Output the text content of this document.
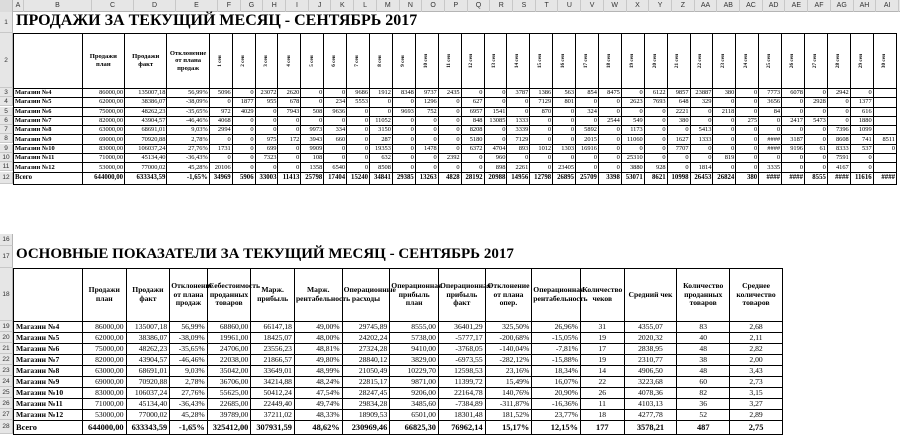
A	B	C	D	E	F	G	H	I	J	K	L	M	N	O	P	Q	R	S	T	U	V	W	X	Y	Z	AA	AB	AC	AD	AE	AF	AG	AH	AI
1
2
3
4
5
6
7
8
9
10
11
12
16
17
18
19
20
21
22
23
24
25
26
27
28
ПРОДАЖИ ЗА ТЕКУЩИЙ МЕСЯЦ - СЕНТЯБРЬ 2017
	Продажи план	Продажи факт	Отклонение от плана продаж	1 сен	2 сен	3 сен	4 сен	5 сен	6 сен	7 сен	8 сен	9 сен	10 сен	11 сен	12 сен	13 сен	14 сен	15 сен	16 сен	17 сен	18 сен	19 сен	20 сен	21 сен	22 сен	23 сен	24 сен	25 сен	26 сен	27 сен	28 сен	29 сен	30 сен
Магазин №4	86000,00	135007,18	56,99%	5096	0	23072	2620	0	0	9686	1912	8348	9737	2435	0	0	3787	1386	563	854	8475	0	6122	9857	23887	380	0	7773	6078	0	2942	0	
Магазин №5	62000,00	38386,07	-38,09%	0	1877	955	678	0	234	5553	0	0	1296	0	627	0	0	7129	801	0	0	2623	7693	648	329	0	0	3656	0	2928	0	1377	
Магазин №6	75000,00	48262,23	-35,65%	972	4029	0	7943	508	9636	0	0	9693	752	0	6957	1541	0	870	0	324	0	0	0	2221	0	2118	0	84	0	0	0	616	
Магазин №7	82000,00	43904,57	-46,46%	4068	0	0	0	0	0	0	11052	0	0	0	848	13085	1333	0	0	0	2544	549	0	380	0	0	275	0	2417	5473	0	1880	
Магазин №8	63000,00	68691,01	9,03%	2994	0	0	0	9973	334	0	3150	0	0	0	8208	0	3339	0	0	5892	0	1173	0	0	5413	0	0	0	0	0	7396	1099	
Магазин №9	69000,00	70920,88	2,78%	0	0	975	172	3943	660	0	287	0	0	0	5180	0	7129	0	0	2015	0	11060	0	1627	1333	0	0	####	3187	0	8608	741	8511
Магазин №10	83000,00	106037,24	27,76%	1731	0	699	0	9909	0	0	19353	0	1478	0	6372	4704	893	1012	1303	16916	0	0	0	7707	0	0	0	####	9196	61	8333	537	0
Магазин №11	71000,00	45134,40	-36,43%	0	0	7323	0	108	0	0	632	0	0	2392	0	960	0	0	0	0	0	25310	0	0	0	819	0	0	0	0	7591	0	
Магазин №12	53000,00	77000,02	45,28%	20106	0	0	0	1358	6540	0	8508	0	0	0	0	898	2261	0	23405	0	0	3880	928	0	1814	0	0	3335	0	0	4167	0	
Всего	644000,00	633343,59	-1,65%	34969	5906	33003	11413	25798	17404	15240	34841	29385	13263	4828	28192	20988	14956	12798	26895	25709	3398	53071	8621	10998	26453	26824	380	####	####	8555	####	11616	####
ОСНОВНЫЕ ПОКАЗАТЕЛИ ЗА ТЕКУЩИЙ МЕСЯЦ - СЕНТЯБРЬ 2017
	Продажи план	Продажи факт	Отклонение от плана продаж	Себестоимость проданных товаров	Марж. прибыль	Марж. рентабельность	Операционные расходы	Операционная прибыль план	Операционная прибыль факт	Отклонение от плана опер.	Операционная рентабельность	Количество чеков	Средний чек	Количество проданных товаров	Среднее количество товаров
Магазин №4	86000,00	135007,18	56,99%	68860,00	66147,18	49,00%	29745,89	8555,00	36401,29	325,50%	26,96%	31	4355,07	83	2,68
Магазин №5	62000,00	38386,07	-38,09%	19961,00	18425,07	48,00%	24202,24	5738,00	-5777,17	-200,68%	-15,05%	19	2020,32	40	2,11
Магазин №6	75000,00	48262,23	-35,65%	24706,00	23556,23	48,81%	27324,28	9410,00	-3768,05	-140,04%	-7,81%	17	2838,95	48	2,82
Магазин №7	82000,00	43904,57	-46,46%	22038,00	21866,57	49,80%	28840,12	3829,00	-6973,55	-282,12%	-15,88%	19	2310,77	38	2,00
Магазин №8	63000,00	68691,01	9,03%	35042,00	33649,01	48,99%	21050,49	10229,70	12598,53	23,16%	18,34%	14	4906,50	48	3,43
Магазин №9	69000,00	70920,88	2,78%	36706,00	34214,88	48,24%	22815,17	9871,00	11399,72	15,49%	16,07%	22	3223,68	60	2,73
Магазин №10	83000,00	106037,24	27,76%	55625,00	50412,24	47,54%	28247,45	9206,00	22164,78	140,76%	20,90%	26	4078,36	82	3,15
Магазин №11	71000,00	45134,40	-36,43%	22685,00	22449,40	49,74%	29834,28	3485,60	-7384,89	-311,87%	-16,36%	11	4103,13	36	3,27
Магазин №12	53000,00	77000,02	45,28%	39789,00	37211,02	48,33%	18909,53	6501,00	18301,48	181,52%	23,77%	18	4277,78	52	2,89
Всего	644000,00	633343,59	-1,65%	325412,00	307931,59	48,62%	230969,46	66825,30	76962,14	15,17%	12,15%	177	3578,21	487	2,75
